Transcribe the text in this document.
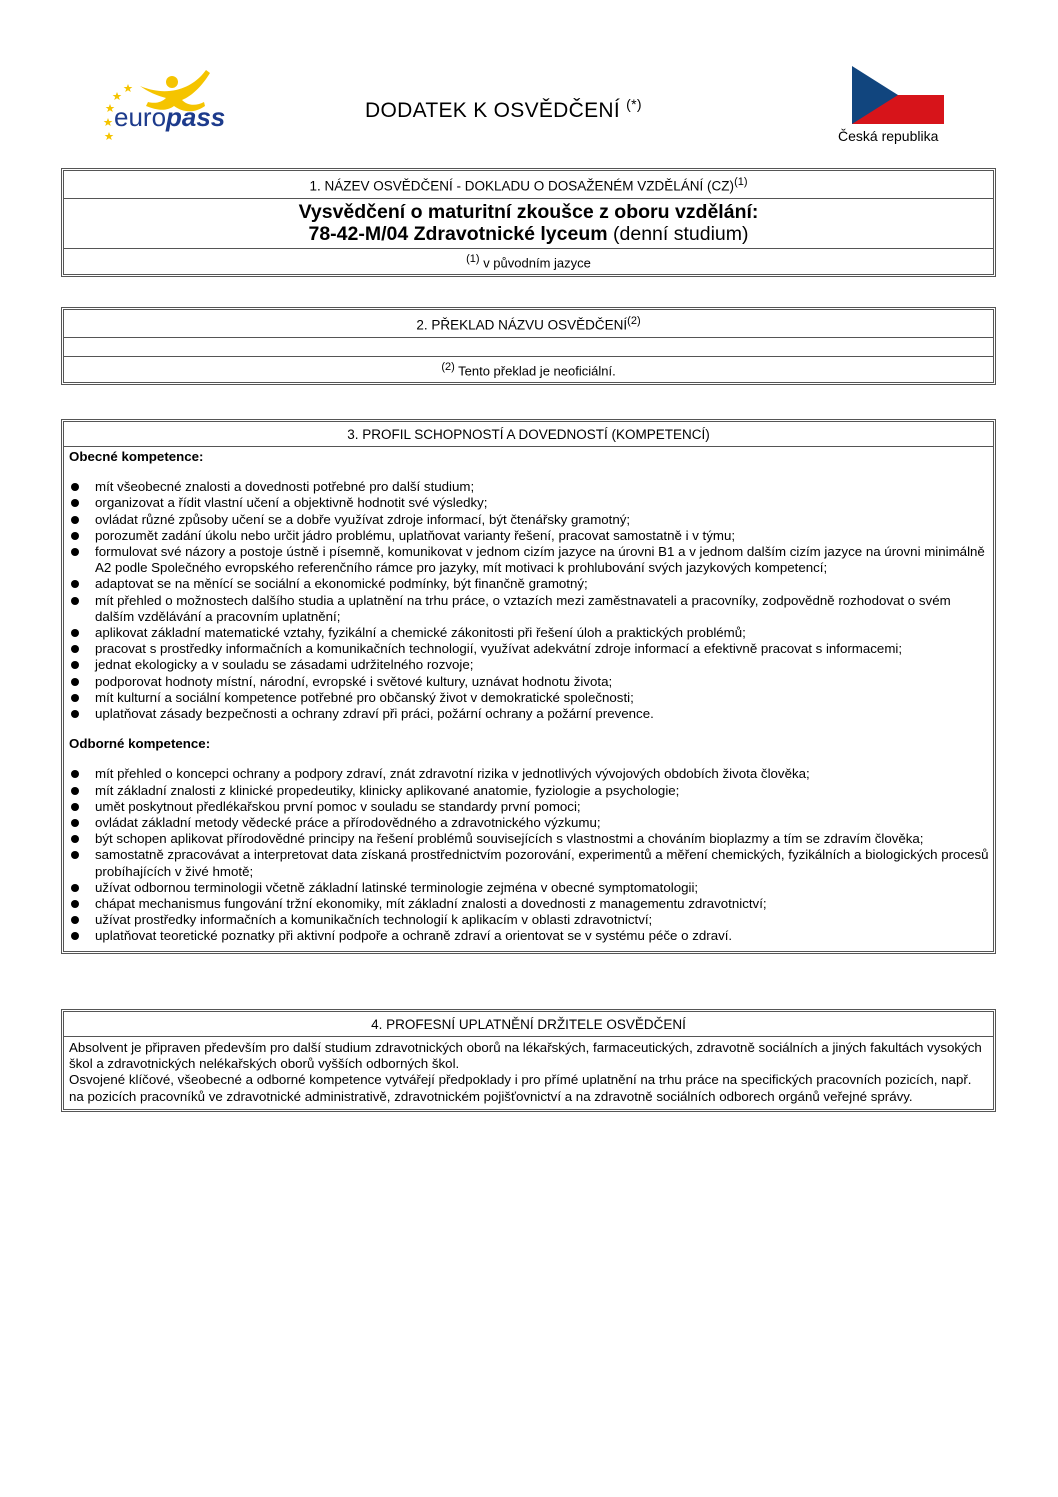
euro pass	DODATEK K OSVĚDČENÍ (*)
Česká republika
1. NÁZEV OSVĚDČENÍ - DOKLADU O DOSAŽENÉM VZDĚLÁNÍ (CZ)$^{(1)}$
Vysvědčení o maturitní zkoušce z oboru vzdělání:
78-42-M/04 Zdravotnické lyceum (denní studium)
$^{(1)}$ v původním jazyce
2. PŘEKLAD NÁZVU OSVĚDČENÍ$^{(2)}$
$^{(2)}$ Tento překlad je neoficiální.
3. PROFIL SCHOPNOSTÍ A DOVEDNOSTÍ (KOMPETENCÍ)
Obecné kompetence:
mít všeobecné znalosti a dovednosti potřebné pro další studium;
organizovat a řídit vlastní učení a objektivně hodnotit své výsledky;
ovládat různé způsoby učení se a dobře využívat zdroje informací, být čtenářsky gramotný;
porozumět zadání úkolu nebo určit jádro problému, uplatňovat varianty řešení, pracovat samostatně i v týmu;
formulovat své názory a postoje ústně i písemně, komunikovat v jednom cizím jazyce na úrovni B1 a v jednom dalším cizím jazyce na úrovni minimálně A2 podle Společného evropského referenčního rámce pro jazyky, mít motivaci k prohlubování svých jazykových kompetencí;
adaptovat se na měnící se sociální a ekonomické podmínky, být finančně gramotný;
mít přehled o možnostech dalšího studia a uplatnění na trhu práce, o vztazích mezi zaměstnavateli a pracovníky, zodpovědně rozhodovat o svém dalším vzdělávání a pracovním uplatnění;
aplikovat základní matematické vztahy, fyzikální a chemické zákonitosti při řešení úloh a praktických problémů;
pracovat s prostředky informačních a komunikačních technologií, využívat adekvátní zdroje informací a efektivně pracovat s informacemi;
jednat ekologicky a v souladu se zásadami udržitelného rozvoje;
podporovat hodnoty místní, národní, evropské i světové kultury, uznávat hodnotu života;
mít kulturní a sociální kompetence potřebné pro občanský život v demokratické společnosti;
uplatňovat zásady bezpečnosti a ochrany zdraví při práci, požární ochrany a požární prevence.
Odborné kompetence:
mít přehled o koncepci ochrany a podpory zdraví, znát zdravotní rizika v jednotlivých vývojových obdobích života člověka;
mít základní znalosti z klinické propedeutiky, klinicky aplikované anatomie, fyziologie a psychologie;
umět poskytnout předlékařskou první pomoc v souladu se standardy první pomoci;
ovládat základní metody vědecké práce a přírodovědného a zdravotnického výzkumu;
být schopen aplikovat přírodovědné principy na řešení problémů souvisejících s vlastnostmi a chováním bioplazmy a tím se zdravím člověka;
samostatně zpracovávat a interpretovat data získaná prostřednictvím pozorování, experimentů a měření chemických, fyzikálních a biologických procesů probíhajících v živé hmotě;
užívat odbornou terminologii včetně základní latinské terminologie zejména v obecné symptomatologii;
chápat mechanismus fungování tržní ekonomiky, mít základní znalosti a dovednosti z managementu zdravotnictví;
užívat prostředky informačních a komunikačních technologií k aplikacím v oblasti zdravotnictví;
uplatňovat teoretické poznatky při aktivní podpoře a ochraně zdraví a orientovat se v systému péče o zdraví.
4. PROFESNÍ UPLATNĚNÍ DRŽITELE OSVĚDČENÍ
Absolvent je připraven především pro další studium zdravotnických oborů na lékařských, farmaceutických, zdravotně sociálních a jiných fakultách vysokých škol a zdravotnických nelékařských oborů vyšších odborných škol.
Osvojené klíčové, všeobecné a odborné kompetence vytvářejí předpoklady i pro přímé uplatnění na trhu práce na specifických pracovních pozicích, např. na pozicích pracovníků ve zdravotnické administrativě, zdravotnickém pojišťovnictví a na zdravotně sociálních odborech orgánů veřejné správy.
